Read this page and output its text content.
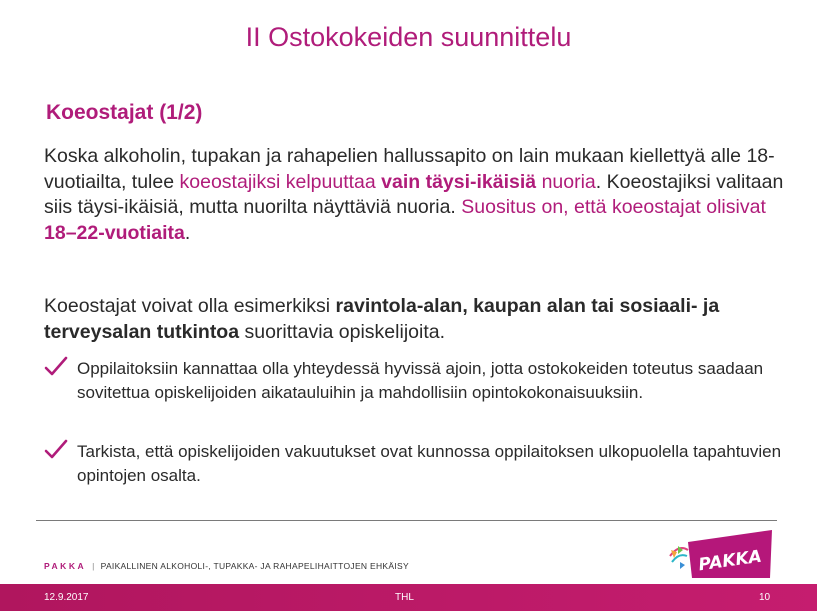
II Ostokokeiden suunnittelu
Koeostajat (1/2)
Koska alkoholin, tupakan ja rahapelien hallussapito on lain mukaan kiellettyä alle 18-vuotiailta, tulee koeostajiksi kelpuuttaa vain täysi-ikäisiä nuoria. Koeostajiksi valitaan siis täysi-ikäisiä, mutta nuorilta näyttäviä nuoria. Suositus on, että koeostajat olisivat 18–22-vuotiaita.
Koeostajat voivat olla esimerkiksi ravintola-alan, kaupan alan tai sosiaali- ja terveysalan tutkintoa suorittavia opiskelijoita.
Oppilaitoksiin kannattaa olla yhteydessä hyvissä ajoin, jotta ostokokeiden toteutus saadaan sovitettua opiskelijoiden aikatauluihin ja mahdollisiin opintokokonaisuuksiin.
Tarkista, että opiskelijoiden vakuutukset ovat kunnossa oppilaitoksen ulkopuolella tapahtuvien opintojen osalta.
PAKKA | PAIKALLINEN ALKOHOLI-, TUPAKKA- JA RAHAPELIHAITTOJEN EHKÄISY	PAKKA
12.9.2017	THL	10
